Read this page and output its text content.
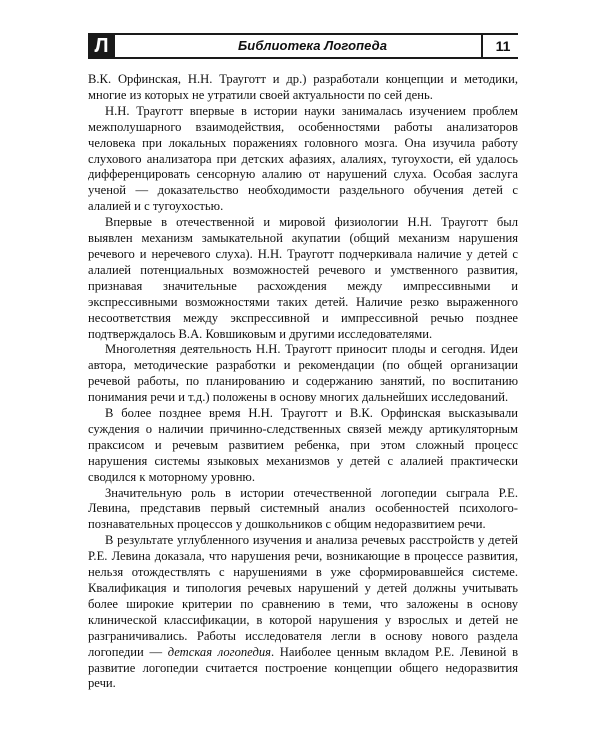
Л	Библиотека Логопеда	11

В.К. Орфинская, Н.Н. Трауготт и др.) разработали концепции и методики, многие из которых не утратили своей актуальности по сей день.

Н.Н. Трауготт впервые в истории науки занималась изучением проблем межполушарного взаимодействия, особенностями работы анализаторов человека при локальных поражениях головного мозга. Она изучила работу слухового анализатора при детских афазиях, алалиях, тугоухости, ей удалось дифференцировать сенсорную алалию от нарушений слуха. Особая заслуга ученой — доказательство необходимости раздельного обучения детей с алалией и с тугоухостью.

Впервые в отечественной и мировой физиологии Н.Н. Трауготт был выявлен механизм замыкательной акупатии (общий механизм нарушения речевого и неречевого слуха). Н.Н. Трауготт подчеркивала наличие у детей с алалией потенциальных возможностей речевого и умственного развития, признавая значительные расхождения между импрессивными и экспрессивными возможностями таких детей. Наличие резко выраженного несоответствия между экспрессивной и импрессивной речью позднее подтверждалось В.А. Ковшиковым и другими исследователями.

Многолетняя деятельность Н.Н. Трауготт приносит плоды и сегодня. Идеи автора, методические разработки и рекомендации (по общей организации речевой работы, по планированию и содержанию занятий, по воспитанию понимания речи и т.д.) положены в основу многих дальнейших исследований.

В более позднее время Н.Н. Трауготт и В.К. Орфинская высказывали суждения о наличии причинно-следственных связей между артикуляторным праксисом и речевым развитием ребенка, при этом сложный процесс нарушения системы языковых механизмов у детей с алалией практически сводился к моторному уровню.

Значительную роль в истории отечественной логопедии сыграла Р.Е. Левина, представив первый системный анализ особенностей психолого-познавательных процессов у дошкольников с общим недоразвитием речи.

В результате углубленного изучения и анализа речевых расстройств у детей Р.Е. Левина доказала, что нарушения речи, возникающие в процессе развития, нельзя отождествлять с нарушениями в уже сформировавшейся системе. Квалификация и типология речевых нарушений у детей должны учитывать более широкие критерии по сравнению в теми, что заложены в основу клинической классификации, в которой нарушения у взрослых и детей не разграничивались. Работы исследователя легли в основу нового раздела логопедии — детская логопедия. Наиболее ценным вкладом Р.Е. Левиной в развитие логопедии считается построение концепции общего недоразвития речи.
